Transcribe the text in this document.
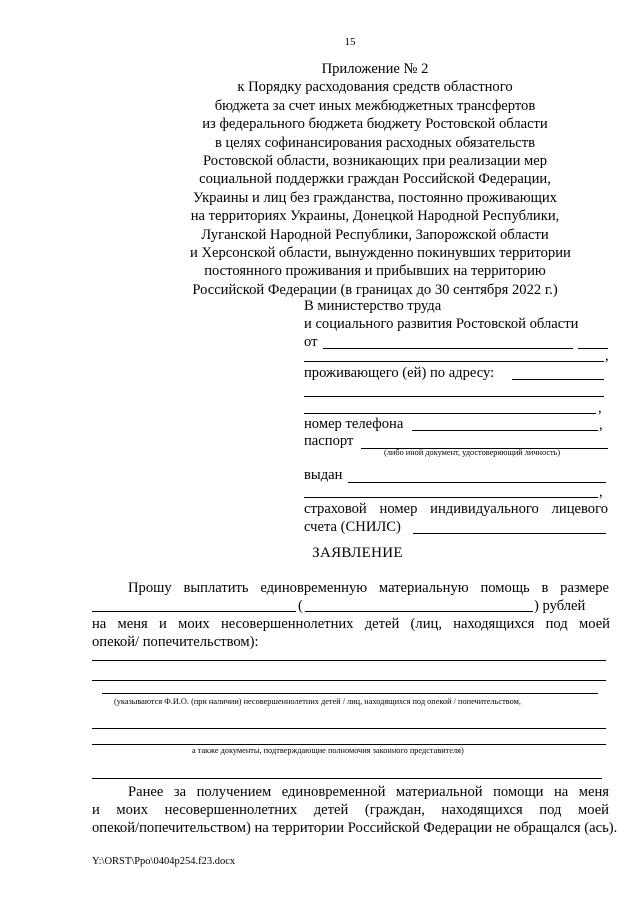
15
Приложение № 2
к Порядку расходования средств областного
бюджета за счет иных межбюджетных трансфертов
из федерального бюджета бюджету Ростовской области
в целях софинансирования расходных обязательств
Ростовской области, возникающих при реализации мер
социальной поддержки граждан Российской Федерации,
Украины и лиц без гражданства, постоянно проживающих
на территориях Украины, Донецкой Народной Республики,
Луганской Народной Республики, Запорожской области
и Херсонской области, вынужденно покинувших территории
постоянного проживания и прибывших на территорию
Российской Федерации (в границах до 30 сентября 2022 г.)
В министерство труда
и социального развития Ростовской области
от
,
проживающего (ей) по адресу:
,
номер телефона	,
паспорт
(либо иной документ, удостоверяющий личность)
выдан
,
страховой номер индивидуального лицевого
счета (СНИЛС)
ЗАЯВЛЕНИЕ
Прошу выплатить единовременную материальную помощь в размере
(	) рублей
на меня и моих несовершеннолетних детей (лиц, находящихся под моей
опекой/ попечительством):
(указываются Ф.И.О. (при наличии) несовершеннолетних детей / лиц, находящихся под опекой / попечительством,
а также документы, подтверждающие полномочия законного представителя)
Ранее за получением единовременной материальной помощи на меня
и моих несовершеннолетних детей (граждан, находящихся под моей
опекой/попечительством) на территории Российской Федерации не обращался (ась).
Y:\ORST\Ppo\0404p254.f23.docx
